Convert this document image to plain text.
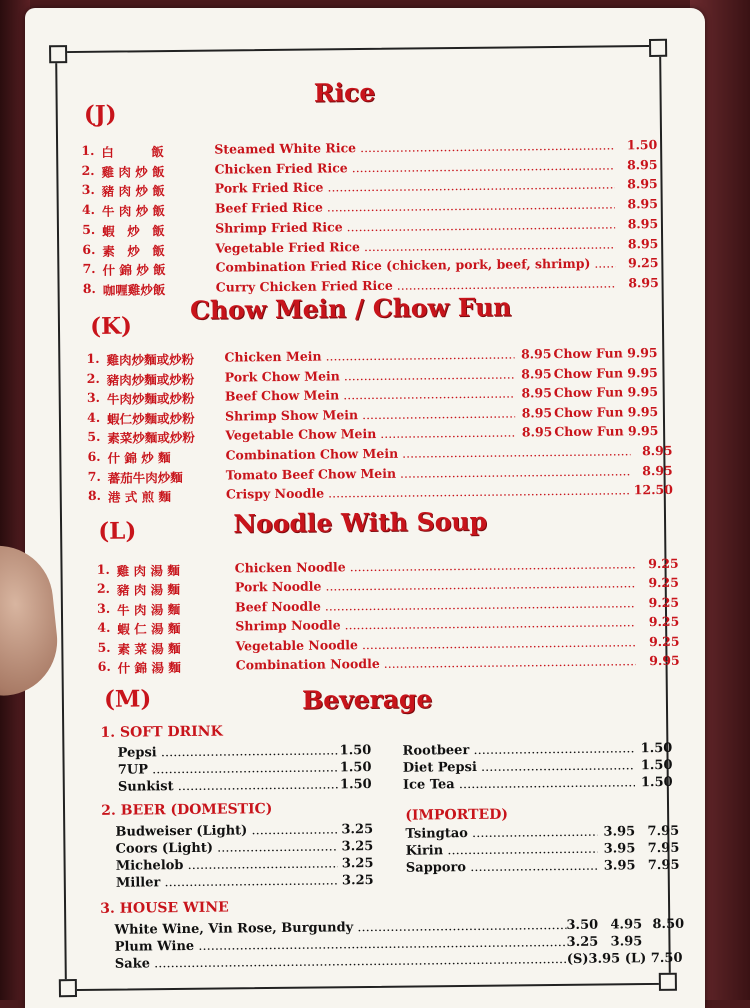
(J)
Rice
1. 白　　　飯	Steamed White Rice .....	1.50
2. 雞 肉 炒 飯	Chicken Fried Rice .....	8.95
3. 豬 肉 炒 飯	Pork Fried Rice .....	8.95
4. 牛 肉 炒 飯	Beef Fried Rice .....	8.95
5. 蝦　炒　飯	Shrimp Fried Rice .....	8.95
6. 素　炒　飯	Vegetable Fried Rice .....	8.95
7. 什 錦 炒 飯	Combination Fried Rice (chicken, pork, beef, shrimp) .....	9.25
8. 咖喱雞炒飯	Curry Chicken Fried Rice .....	8.95
(K)
Chow Mein / Chow Fun
1. 雞肉炒麵或炒粉 Chicken Mein .....	8.95 Chow Fun 9.95
2. 豬肉炒麵或炒粉 Pork Chow Mein .....	8.95 Chow Fun 9.95
3. 牛肉炒麵或炒粉 Beef Chow Mein .....	8.95 Chow Fun 9.95
4. 蝦仁炒麵或炒粉 Shrimp Show Mein .....	8.95 Chow Fun 9.95
5. 素菜炒麵或炒粉 Vegetable Chow Mein .....	8.95 Chow Fun 9.95
6. 什 錦 炒 麵	Combination Chow Mein .....	8.95
7. 蕃茄牛肉炒麵	Tomato Beef Chow Mein .....	8.95
8. 港 式 煎 麵	Crispy Noodle .....	12.50
(L)	Noodle With Soup
1. 雞 肉 湯 麵	Chicken Noodle .....	9.25
2. 豬 肉 湯 麵	Pork Noodle .....	9.25
3. 牛 肉 湯 麵	Beef Noodle .....	9.25
4. 蝦 仁 湯 麵	Shrimp Noodle .....	9.25
5. 素 菜 湯 麵	Vegetable Noodle .....	9.25
6. 什 錦 湯 麵	Combination Noodle .....	9.95
(M)	Beverage
1. SOFT DRINK
Pepsi .....	1.50
7UP .....	1.50
Sunkist .....	1.50
Rootbeer .....	1.50
Diet Pepsi .....	1.50
Ice Tea .....	1.50
2. BEER (DOMESTIC)	(IMPORTED)
Budweiser (Light) .....	3.25
Coors (Light) .....	3.25
Michelob .....	3.25
Miller .....	3.25
Tsingtao .....	3.95 7.95
Kirin .....	3.95 7.95
Sapporo .....	3.95 7.95
3. HOUSE WINE
White Wine, Vin Rose, Burgundy .....	3.50 4.95 8.50
Plum Wine .....	3.25 3.95
Sake .....	(S)3.95 (L) 7.50
